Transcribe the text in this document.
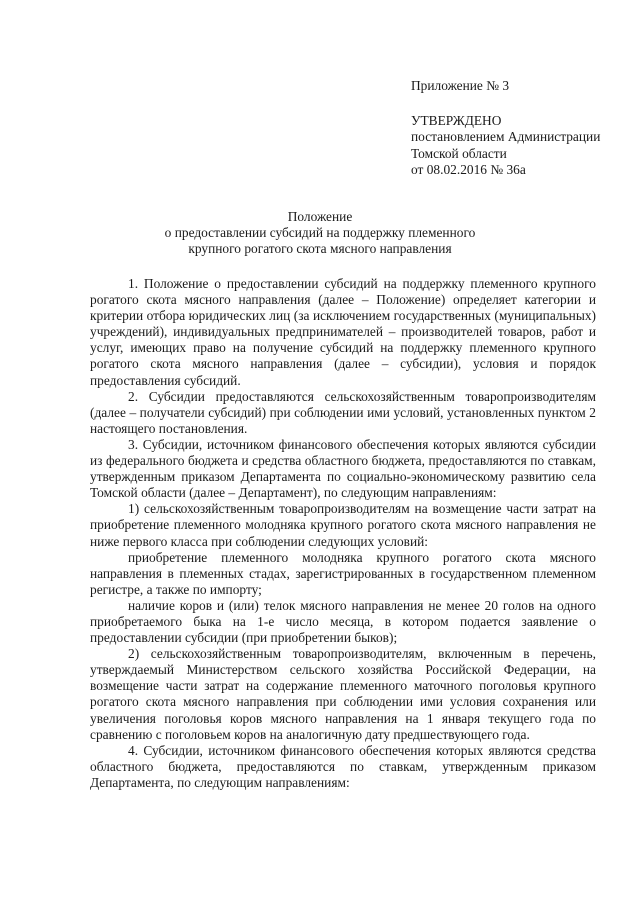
Приложение № 3
УТВЕРЖДЕНО
постановлением Администрации
Томской области
от 08.02.2016 № 36а
Положение
о предоставлении субсидий на поддержку племенного
крупного рогатого скота мясного направления

1. Положение о предоставлении субсидий на поддержку племенного крупного рогатого скота мясного направления (далее – Положение) определяет категории и критерии отбора юридических лиц (за исключением государственных (муниципальных) учреждений), индивидуальных предпринимателей – производителей товаров, работ и услуг, имеющих право на получение субсидий на поддержку племенного крупного рогатого скота мясного направления (далее – субсидии), условия и порядок предоставления субсидий.

2. Субсидии предоставляются сельскохозяйственным товаропроизводителям (далее – получатели субсидий) при соблюдении ими условий, установленных пунктом 2 настоящего постановления.

3. Субсидии, источником финансового обеспечения которых являются субсидии из федерального бюджета и средства областного бюджета, предоставляются по ставкам, утвержденным приказом Департамента по социально-экономическому развитию села Томской области (далее – Департамент), по следующим направлениям:

1) сельскохозяйственным товаропроизводителям на возмещение части затрат на приобретение племенного молодняка крупного рогатого скота мясного направления не ниже первого класса при соблюдении следующих условий:

приобретение племенного молодняка крупного рогатого скота мясного направления в племенных стадах, зарегистрированных в государственном племенном регистре, а также по импорту;

наличие коров и (или) телок мясного направления не менее 20 голов на одного приобретаемого быка на 1-е число месяца, в котором подается заявление о предоставлении субсидии (при приобретении быков);

2) сельскохозяйственным товаропроизводителям, включенным в перечень, утверждаемый Министерством сельского хозяйства Российской Федерации, на возмещение части затрат на содержание племенного маточного поголовья крупного рогатого скота мясного направления при соблюдении ими условия сохранения или увеличения поголовья коров мясного направления на 1 января текущего года по сравнению с поголовьем коров на аналогичную дату предшествующего года.

4. Субсидии, источником финансового обеспечения которых являются средства областного бюджета, предоставляются по ставкам, утвержденным приказом Департамента, по следующим направлениям:
